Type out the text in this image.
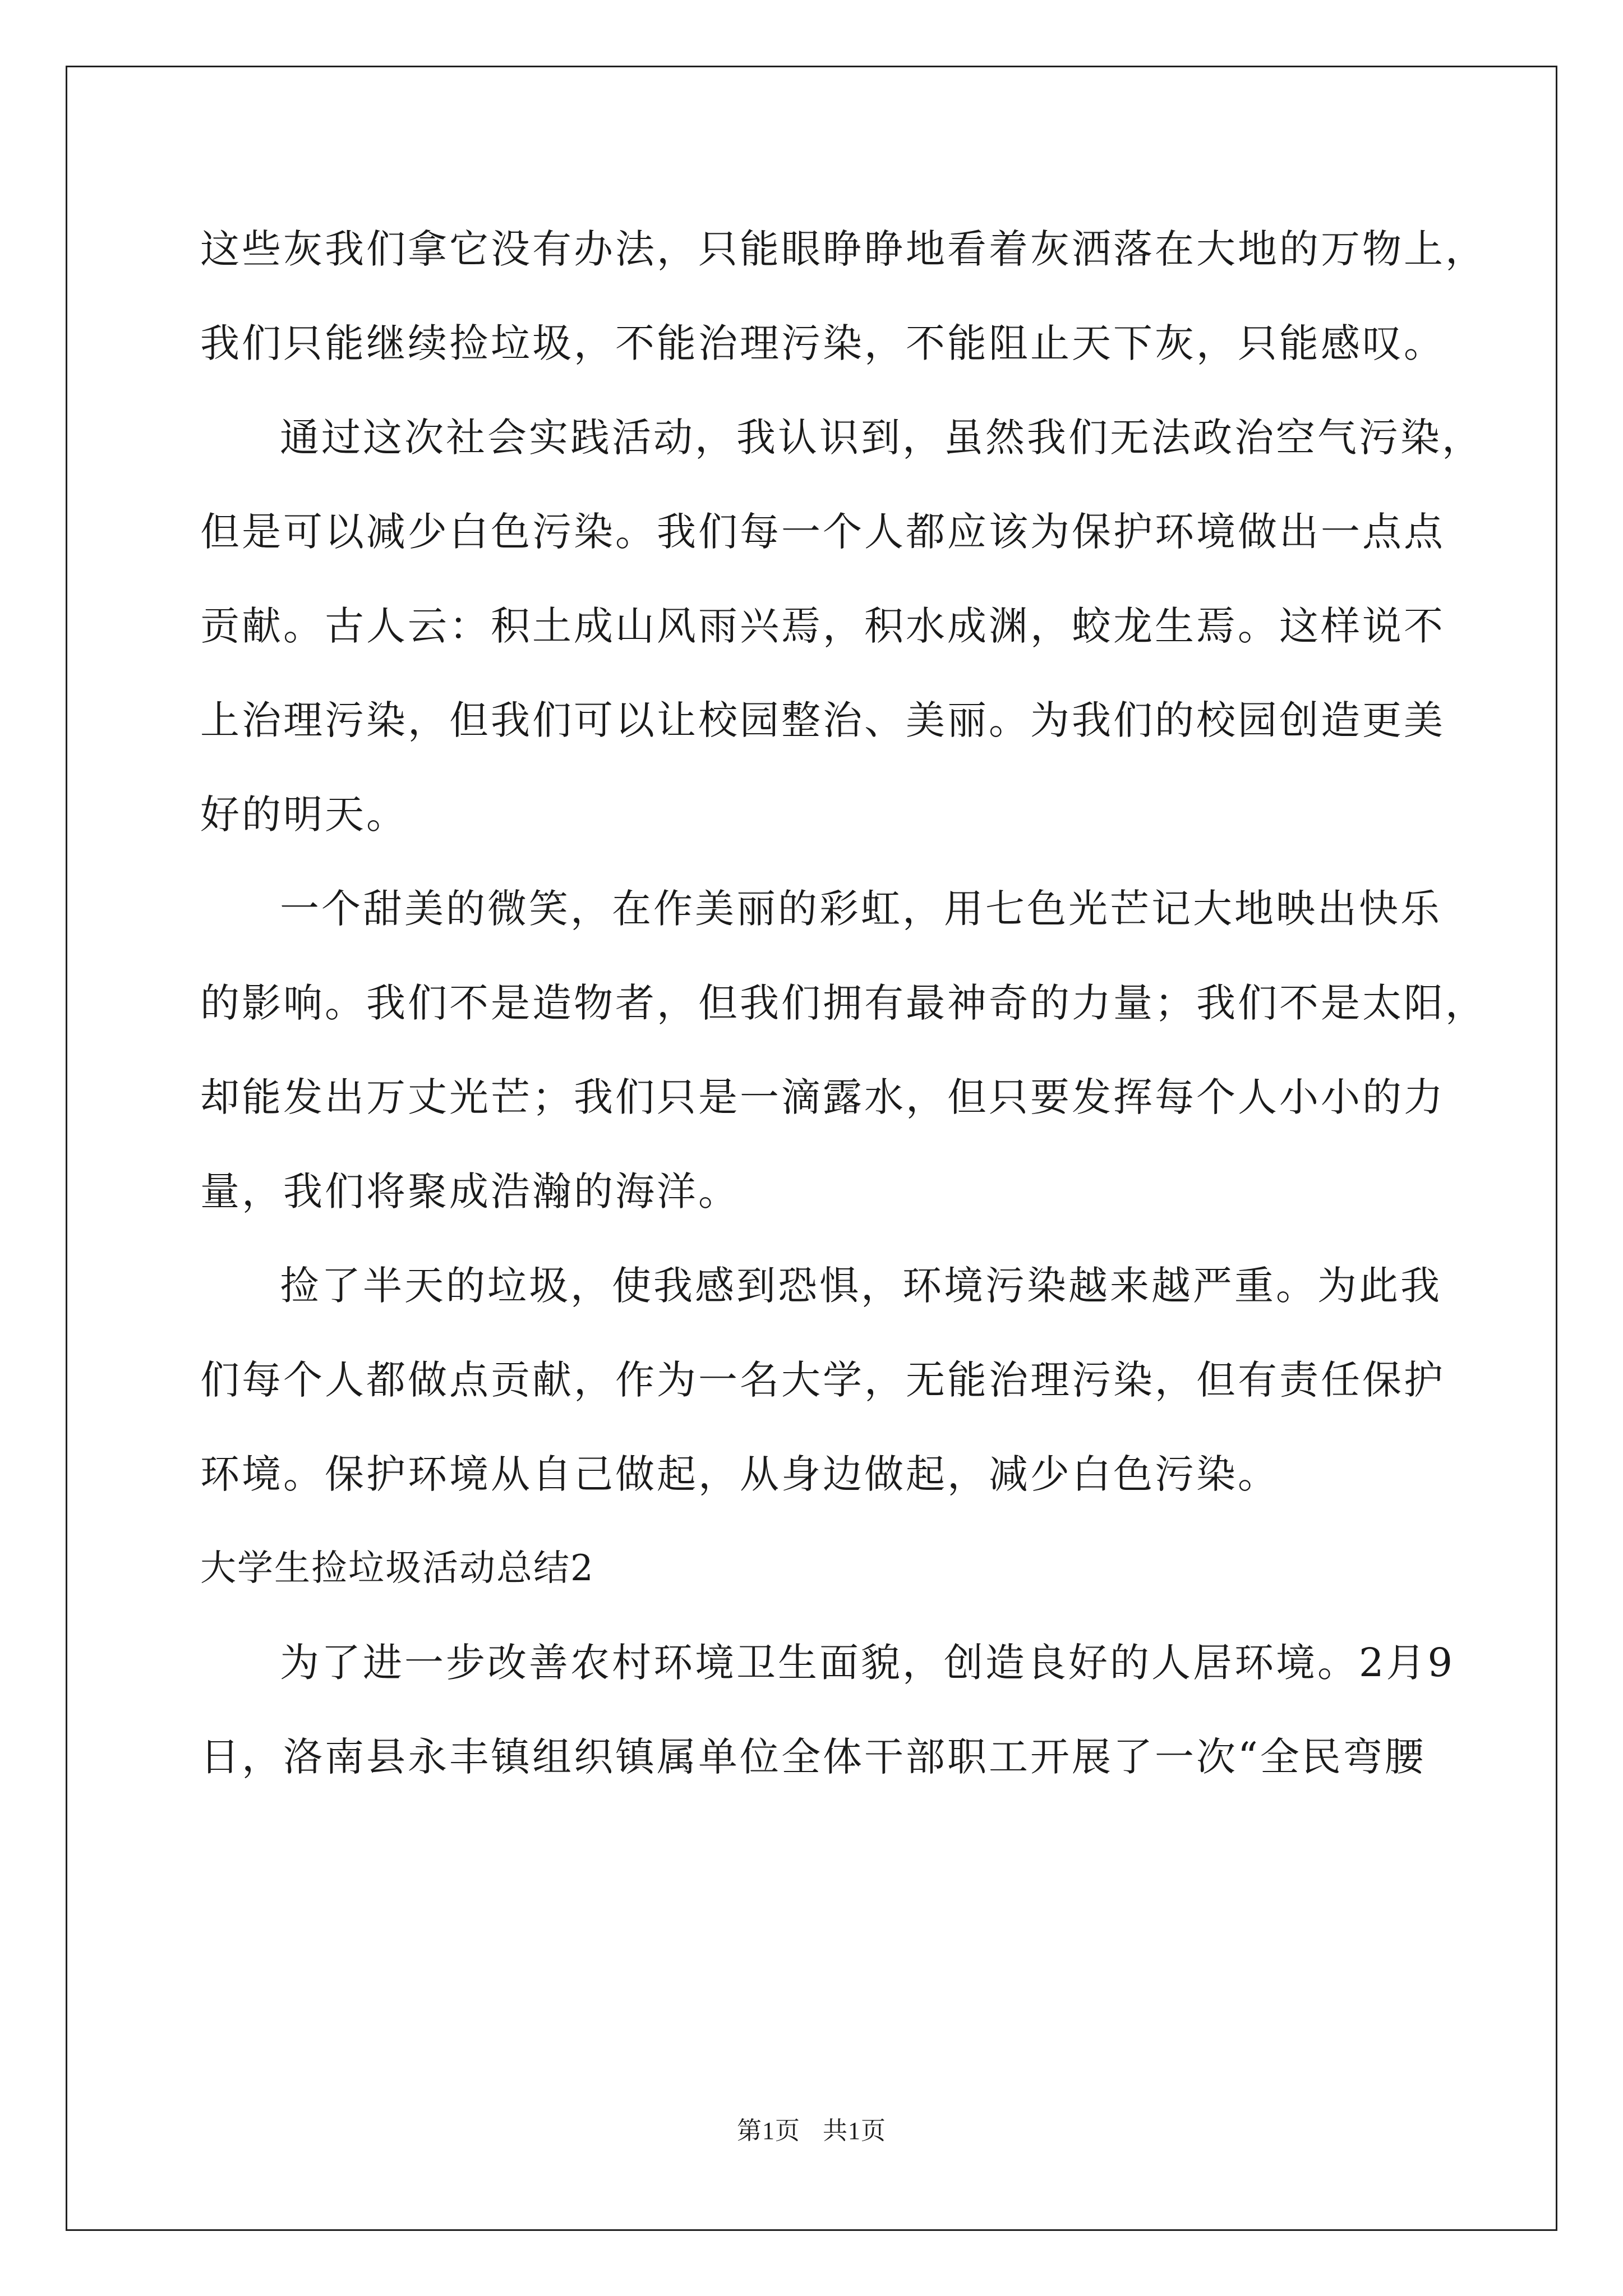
这些灰我们拿它没有办法，只能眼睁睁地看着灰洒落在大地的万物上，
我们只能继续捡垃圾，不能治理污染，不能阻止天下灰，只能感叹。
通过这次社会实践活动，我认识到，虽然我们无法政治空气污染，
但是可以减少白色污染。我们每一个人都应该为保护环境做出一点点
贡献。古人云：积土成山风雨兴焉，积水成渊，蛟龙生焉。这样说不
上治理污染，但我们可以让校园整治、美丽。为我们的校园创造更美
好的明天。
一个甜美的微笑，在作美丽的彩虹，用七色光芒记大地映出快乐
的影响。我们不是造物者，但我们拥有最神奇的力量；我们不是太阳，
却能发出万丈光芒；我们只是一滴露水，但只要发挥每个人小小的力
量，我们将聚成浩瀚的海洋。
捡了半天的垃圾，使我感到恐惧，环境污染越来越严重。为此我
们每个人都做点贡献，作为一名大学，无能治理污染，但有责任保护
环境。保护环境从自己做起，从身边做起，减少白色污染。
大学生捡垃圾活动总结2
为了进一步改善农村环境卫生面貌，创造良好的人居环境。2月9
日，洛南县永丰镇组织镇属单位全体干部职工开展了一次“全民弯腰
第1页 共1页
